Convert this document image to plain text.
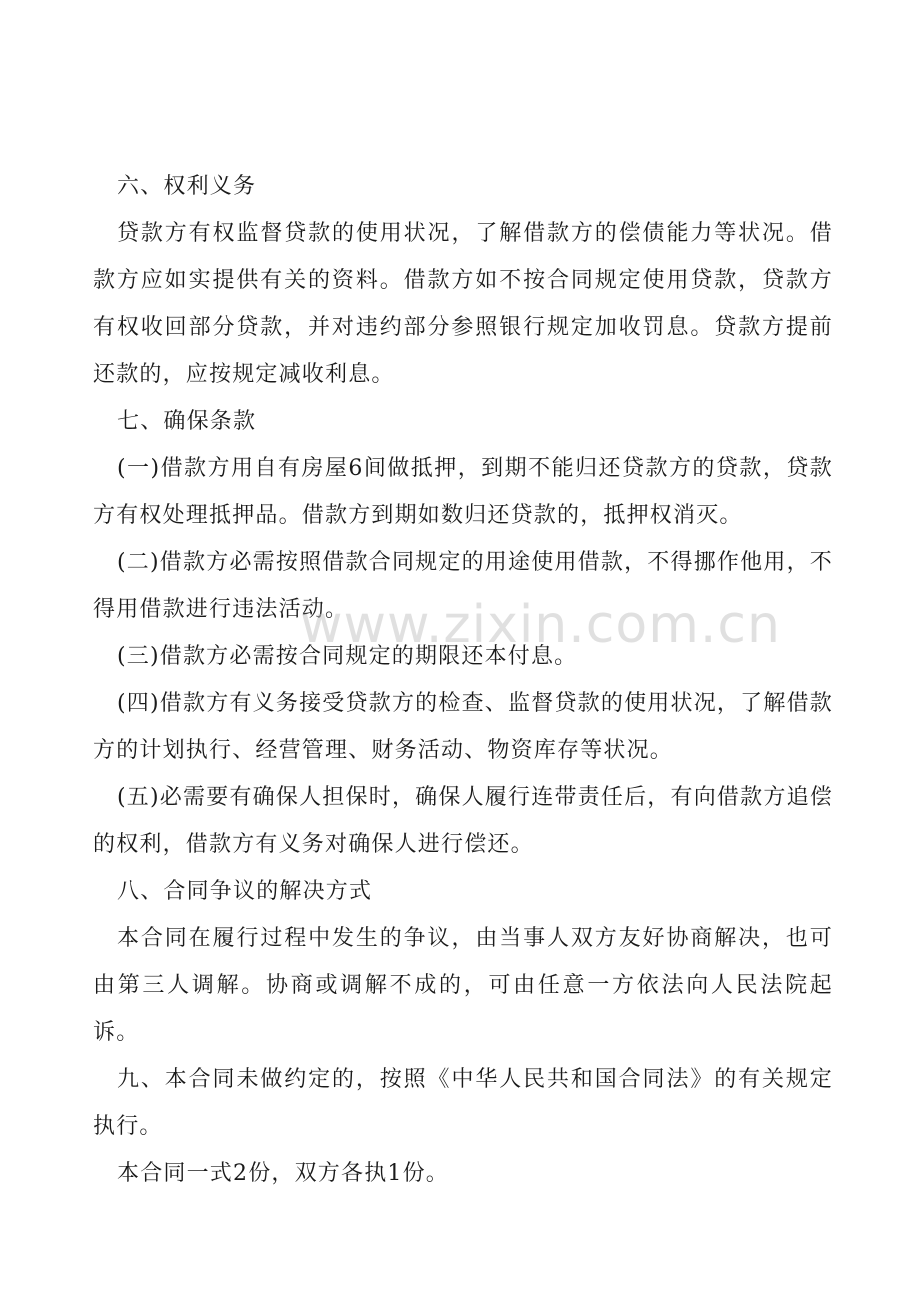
六、权利义务

贷款方有权监督贷款的使用状况，了解借款方的偿债能力等状况。借款方应如实提供有关的资料。借款方如不按合同规定使用贷款，贷款方有权收回部分贷款，并对违约部分参照银行规定加收罚息。贷款方提前还款的，应按规定减收利息。

七、确保条款

(一)借款方用自有房屋6间做抵押，到期不能归还贷款方的贷款，贷款方有权处理抵押品。借款方到期如数归还贷款的，抵押权消灭。

(二)借款方必需按照借款合同规定的用途使用借款，不得挪作他用，不得用借款进行违法活动。

(三)借款方必需按合同规定的期限还本付息。

(四)借款方有义务接受贷款方的检查、监督贷款的使用状况，了解借款方的计划执行、经营管理、财务活动、物资库存等状况。

(五)必需要有确保人担保时，确保人履行连带责任后，有向借款方追偿的权利，借款方有义务对确保人进行偿还。

八、合同争议的解决方式

本合同在履行过程中发生的争议，由当事人双方友好协商解决，也可由第三人调解。协商或调解不成的，可由任意一方依法向人民法院起诉。

九、本合同未做约定的，按照《中华人民共和国合同法》的有关规定执行。

本合同一式2份，双方各执1份。

www.zixin.com.cn
